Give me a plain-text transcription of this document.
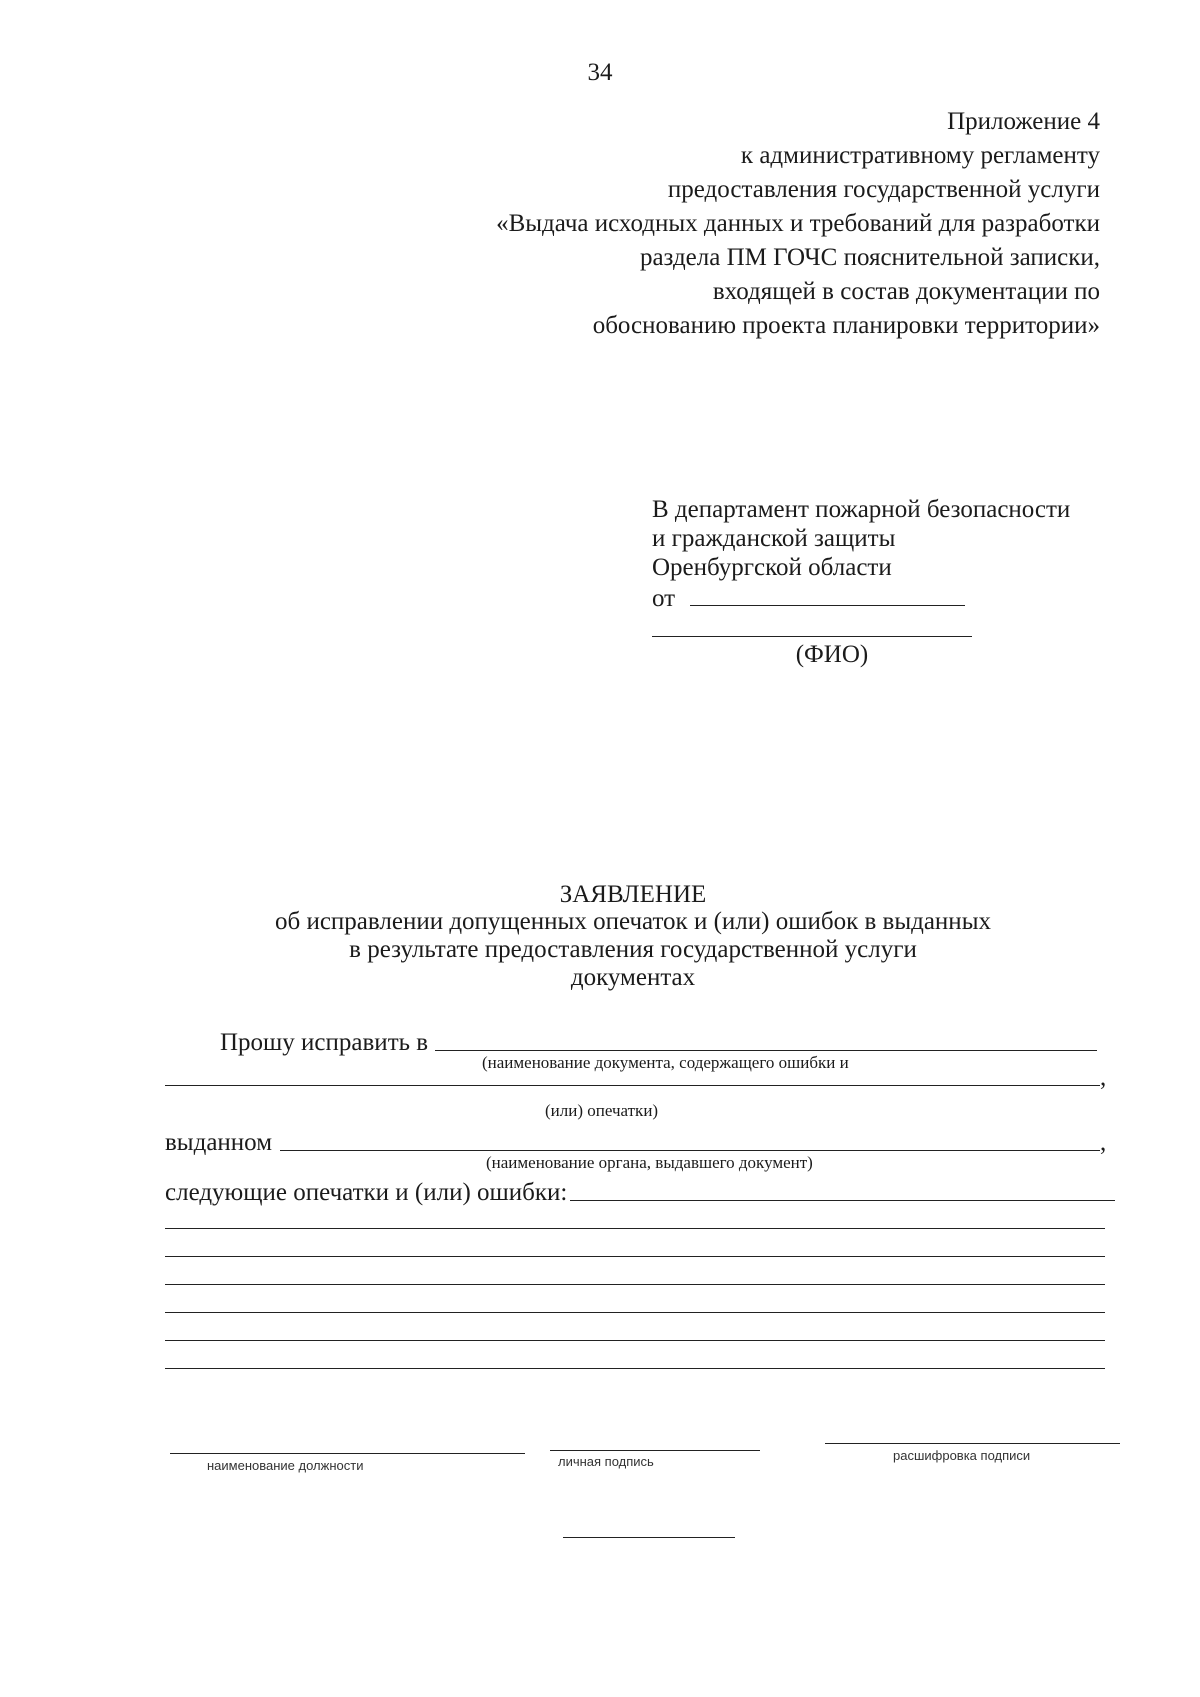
34
Приложение 4
к административному регламенту
предоставления государственной услуги
«Выдача исходных данных и требований для разработки
раздела ПМ ГОЧС пояснительной записки,
входящей в состав документации по
обоснованию проекта планировки территории»
В департамент пожарной безопасности
и гражданской защиты
Оренбургской области
от
(ФИО)
ЗАЯВЛЕНИЕ
об исправлении допущенных опечаток и (или) ошибок в выданных
в результате предоставления государственной услуги
документах
Прошу исправить в
(наименование документа, содержащего ошибки и
,
(или) опечатки)
выданном	,
(наименование органа, выдавшего документ)
следующие опечатки и (или) ошибки:
наименование должности	личная подпись	расшифровка подписи
